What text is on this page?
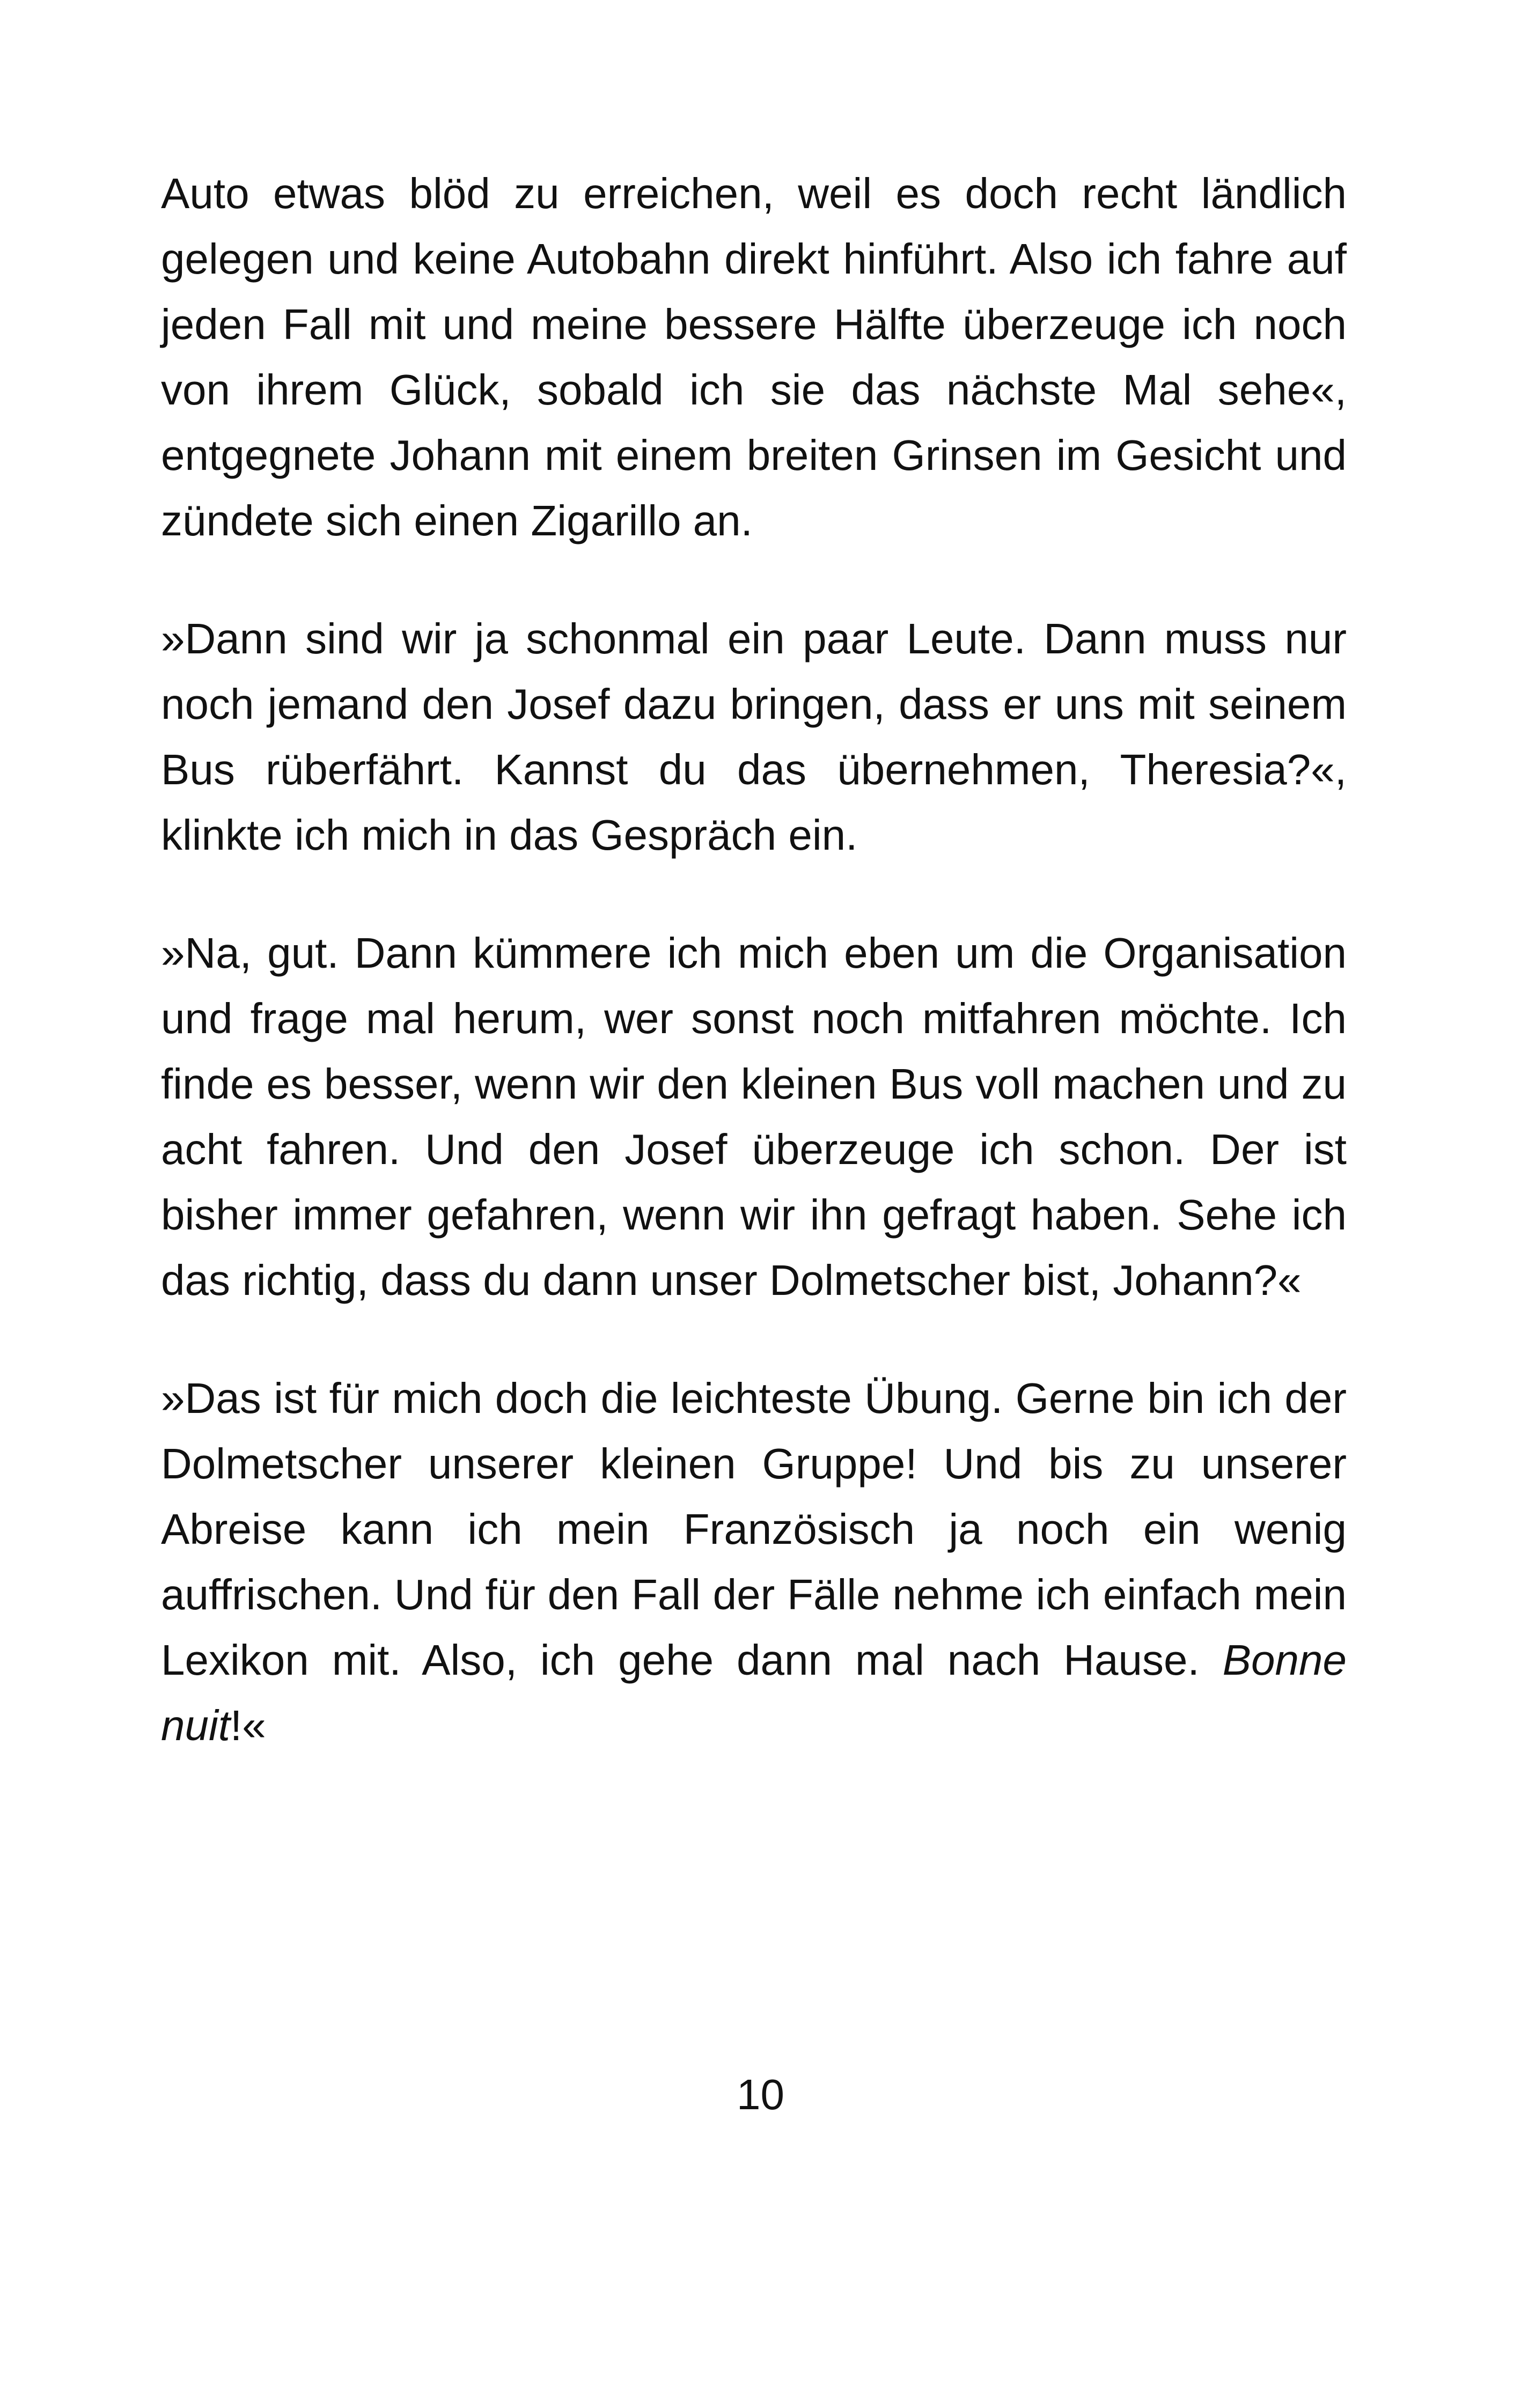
Auto etwas blöd zu erreichen, weil es doch recht ländlich gelegen und keine Autobahn direkt hinführt. Also ich fahre auf jeden Fall mit und meine bessere Hälfte überzeuge ich noch von ihrem Glück, sobald ich sie das nächste Mal sehe«, entgegnete Johann mit einem breiten Grinsen im Gesicht und zündete sich einen Zigarillo an.

»Dann sind wir ja schonmal ein paar Leute. Dann muss nur noch jemand den Josef dazu bringen, dass er uns mit seinem Bus rüberfährt. Kannst du das übernehmen, Theresia?«, klinkte ich mich in das Gespräch ein.

»Na, gut. Dann kümmere ich mich eben um die Organisation und frage mal herum, wer sonst noch mitfahren möchte. Ich finde es besser, wenn wir den kleinen Bus voll machen und zu acht fahren. Und den Josef überzeuge ich schon. Der ist bisher immer gefahren, wenn wir ihn gefragt haben. Sehe ich das richtig, dass du dann unser Dolmetscher bist, Johann?«

»Das ist für mich doch die leichteste Übung. Gerne bin ich der Dolmetscher unserer kleinen Gruppe! Und bis zu unserer Abreise kann ich mein Französisch ja noch ein wenig auffrischen. Und für den Fall der Fälle nehme ich einfach mein Lexikon mit. Also, ich gehe dann mal nach Hause. Bonne nuit!«

10
